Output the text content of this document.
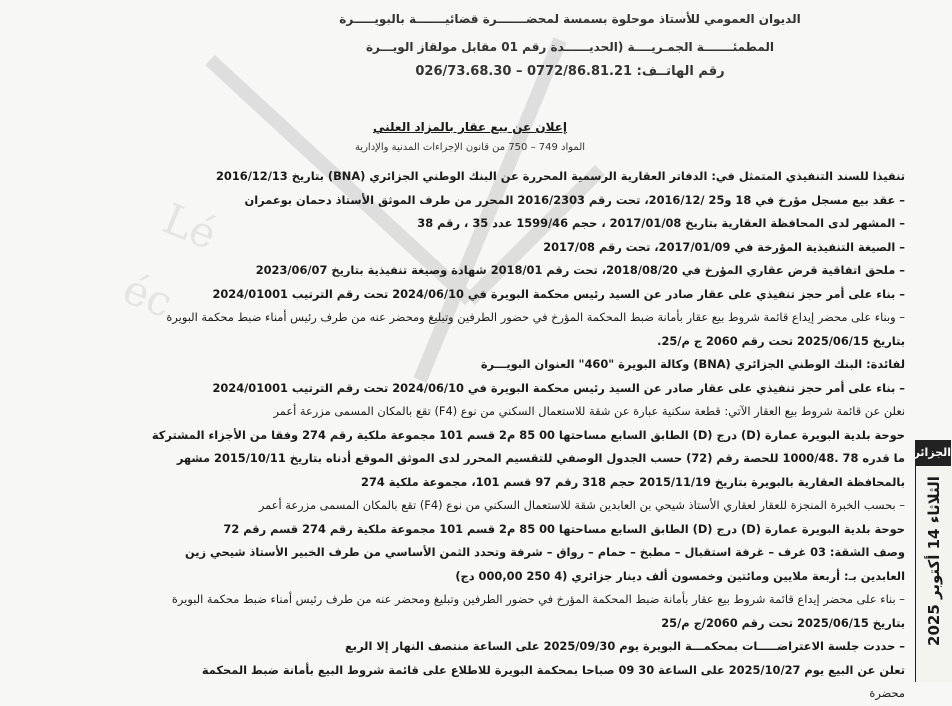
Lé
éc
الديوان العمومي للأستاذ موحلوة بسمسة لمحضـــــــرة قضائيـــــــة بالبويـــــرة
المطمئـــــــة الجمـريــــة (الحديــــــدة رقم 01 مقابل مولقاز الويـــرة
رقم الهاتــف: 0772/86.81.21 – 026/73.68.30
إعلان عن بيع عقار بالمزاد العلني
المواد 749 – 750 من قانون الإجراءات المدنية والإدارية
تنفيذا للسند التنفيذي المتمثل في: الدفاتر العقارية الرسمية المحررة عن البنك الوطني الجزائري (BNA) بتاريخ 2016/12/13
– عقد بيع مسجل مؤرخ في 18 و25 /2016/12، تحت رقم 2016/2303 المحرر من طرف الموثق الأستاذ دحمان بوعمران
– المشهر لدى المحافظة العقارية بتاريخ 2017/01/08 ، حجم 1599/46 عدد 35 ، رقم 38
– الصيغة التنفيذية المؤرخة في 2017/01/09، تحت رقم 2017/08
– ملحق اتفاقية قرض عقاري المؤرخ في 2018/08/20، تحت رقم 2018/01 شهادة وصيغة تنفيذية بتاريخ 2023/06/07
– بناء على أمر حجز تنفيذي على عقار صادر عن السيد رئيس محكمة البويرة في 2024/06/10 تحت رقم الترتيب 2024/01001
– وبناء على محضر إيداع قائمة شروط بيع عقار بأمانة ضبط المحكمة المؤرخ في حضور الطرفين وتبليغ ومحضر عنه من طرف رئيس أمناء ضبط محكمة البويرة
بتاريخ 2025/06/15 تحت رقم 2060 ج م/25.
لفائدة: البنك الوطني الجزائري (BNA) وكالة البويرة "460" العنوان البويـــرة
– بناء على أمر حجز تنفيذي على عقار صادر عن السيد رئيس محكمة البويرة في 2024/06/10 تحت رقم الترتيب 2024/01001
نعلن عن قائمة شروط بيع العقار الآتي: قطعة سكنية عبارة عن شقة للاستعمال السكني من نوع (F4) تقع بالمكان المسمى مزرعة أعمر
حوحة بلدية البويرة عمارة (D) درج (D) الطابق السابع مساحتها 00 85 م2 قسم 101 مجموعة ملكية رقم 274 وفقا من الأجزاء المشتركة
ما قدره 78 .1000/48 للحصة رقم (72) حسب الجدول الوصفي للتقسيم المحرر لدى الموثق الموقع أدناه بتاريخ 2015/10/11 مشهر
بالمحافظة العقارية بالبويرة بتاريخ 2015/11/19 حجم 318 رقم 97 قسم 101، مجموعة ملكية 274
– بحسب الخبرة المنجزة للعقار لعقاري الأستاذ شيحي بن العابدين شقة للاستعمال السكني من نوع (F4) تقع بالمكان المسمى مزرعة أعمر
حوحة بلدية البويرة عمارة (D) درج (D) الطابق السابع مساحتها 00 85 م2 قسم 101 مجموعة ملكية رقم 274 قسم رقم 72
وصف الشقة: 03 غرف – غرفة استقبال – مطبخ – حمام – رواق – شرفة وتحدد الثمن الأساسي من طرف الخبير الأستاذ شيحي زين
العابدين بـ: أربعة ملايين ومائتين وخمسون ألف دينار جزائري (4 250 000,00 دج)
– بناء على محضر إيداع قائمة شروط بيع عقار بأمانة ضبط المحكمة المؤرخ في حضور الطرفين وتبليغ ومحضر عنه من طرف رئيس أمناء ضبط محكمة البويرة
بتاريخ 2025/06/15 تحت رقم 2060/ج م/25
– حددت جلسة الاعتراضـــــات بمحكمـــة البويرة يوم 2025/09/30 على الساعة منتصف النهار إلا الربع
تعلن عن البيع يوم 2025/10/27 على الساعة 30 09 صباحا بمحكمة البويرة للاطلاع على قائمة شروط البيع بأمانة ضبط المحكمة
محضرة
الثلاثاء 14 أكتوبر 2025
الجزائر
